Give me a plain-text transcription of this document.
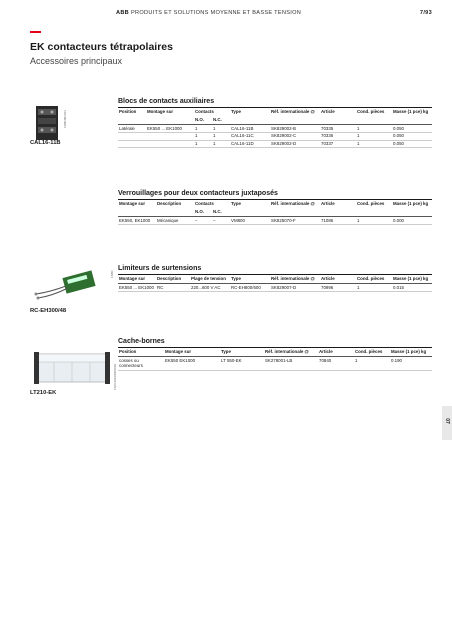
ABB PRODUITS ET SOLUTIONS MOYENNE ET BASSE TENSION	7/93
EK contacteurs tétrapolaires
Accessoires principaux
1SBC001013
CAL16-11B
1SBC
RC-EH300/48
1SFC101089F0001
LT210-EK
Blocs de contacts auxiliaires
Position	Montage sur	Contacts		Type	Réf. internationale @	Article	Cond. pièces	Masse (1 pce) kg
		N.O.	N.C.					
Latérale	EK550 ... EK1000	1	1	CAL16-11B	SK829002-B	70335	1	0.050
		1	1	CAL16-11C	SK829002-C	70336	1	0.050
		1	1	CAL16-11D	SK829002-D	70337	1	0.050
Verrouillages pour deux contacteurs juxtaposés
Montage sur	Description	Contacts		Type	Réf. internationale @	Article	Cond. pièces	Masse (1 pce) kg
		N.O.	N.C.					
EK550, EK1000	Mécanique	–	–	VM800	SK825070-F	71086	1	0.000
Limiteurs de surtensions
Montage sur	Description	Plage de tension	Type	Réf. internationale @	Article	Cond. pièces	Masse (1 pce) kg
EK550 ... EK1000	RC	220...600 V AC	RC-EH800/600	SK829007-D	70996	1	0.015
Cache-bornes
Position	Montage sur	Type	Réf. internationale @	Article	Cond. pièces	Masse (1 pce) kg
cosses ou connecteurs	EK550 EK1000	LT 550-EK	SK278001-LB	70840	1	0.190
07
